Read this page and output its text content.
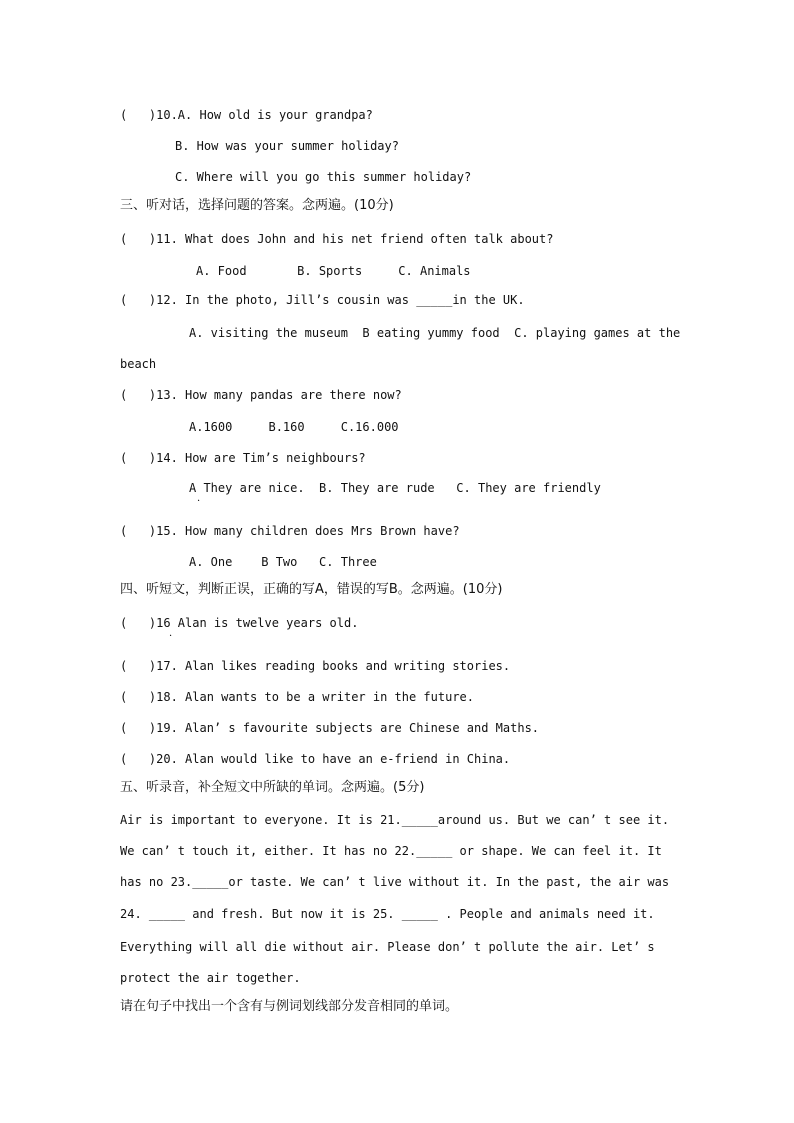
(   )10.A. How old is your grandpa?
B. How was your summer holiday?
C. Where will you go this summer holiday?
三、听对话，选择问题的答案。念两遍。(10分)
(   )11. What does John and his net friend often talk about?
A. Food       B. Sports     C. Animals
(   )12. In the photo, Jill’s cousin was _____in the UK.
A. visiting the museum  B eating yummy food  C. playing games at the
beach
(   )13. How many pandas are there now?
A.1600     B.160     C.16.000
(   )14. How are Tim’s neighbours?
A They are nice.  B. They are rude   C. They are friendly
·
(   )15. How many children does Mrs Brown have?
A. One    B Two   C. Three
四、听短文，判断正误，正确的写A，错误的写B。念两遍。(10分)
(   )16 Alan is twelve years old.
·
(   )17. Alan likes reading books and writing stories.
(   )18. Alan wants to be a writer in the future.
(   )19. Alan’ s favourite subjects are Chinese and Maths.
(   )20. Alan would like to have an e-friend in China.
五、听录音，补全短文中所缺的单词。念两遍。(5分)
Air is important to everyone. It is 21._____around us. But we can’ t see it.
We can’ t touch it, either. It has no 22._____ or shape. We can feel it. It
has no 23._____or taste. We can’ t live without it. In the past, the air was
24. _____ and fresh. But now it is 25. _____ . People and animals need it.
Everything will all die without air. Please don’ t pollute the air. Let’ s
protect the air together.
请在句子中找出一个含有与例词划线部分发音相同的单词。
